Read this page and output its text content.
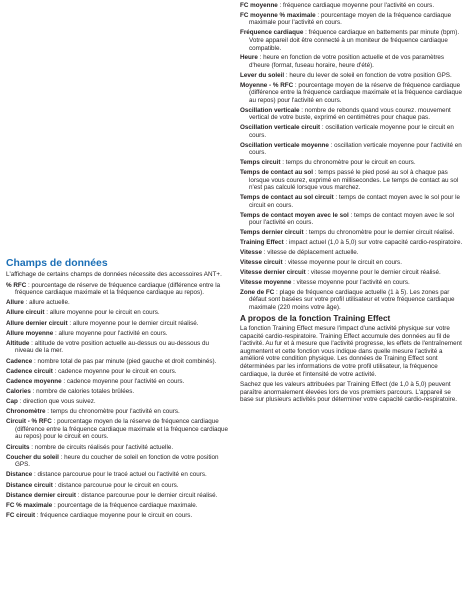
Champs de données

L'affichage de certains champs de données nécessite des accessoires ANT+.

% RFC : pourcentage de réserve de fréquence cardiaque (différence entre la fréquence cardiaque maximale et la fréquence cardiaque au repos).

Allure : allure actuelle.

Allure circuit : allure moyenne pour le circuit en cours.

Allure dernier circuit : allure moyenne pour le dernier circuit réalisé.

Allure moyenne : allure moyenne pour l'activité en cours.

Altitude : altitude de votre position actuelle au-dessus ou au-dessous du niveau de la mer.

Cadence : nombre total de pas par minute (pied gauche et droit combinés).

Cadence circuit : cadence moyenne pour le circuit en cours.

Cadence moyenne : cadence moyenne pour l'activité en cours.

Calories : nombre de calories totales brûlées.

Cap : direction que vous suivez.

Chronomètre : temps du chronomètre pour l'activité en cours.

Circuit - % RFC : pourcentage moyen de la réserve de fréquence cardiaque (différence entre la fréquence cardiaque maximale et la fréquence cardiaque au repos) pour le circuit en cours.

Circuits : nombre de circuits réalisés pour l'activité actuelle.

Coucher du soleil : heure du coucher de soleil en fonction de votre position GPS.

Distance : distance parcourue pour le tracé actuel ou l'activité en cours.

Distance circuit : distance parcourue pour le circuit en cours.

Distance dernier circuit : distance parcourue pour le dernier circuit réalisé.

FC % maximale : pourcentage de la fréquence cardiaque maximale.

FC circuit : fréquence cardiaque moyenne pour le circuit en cours.

FC moyenne : fréquence cardiaque moyenne pour l'activité en cours.

FC moyenne % maximale : pourcentage moyen de la fréquence cardiaque maximale pour l'activité en cours.

Fréquence cardiaque : fréquence cardiaque en battements par minute (bpm). Votre appareil doit être connecté à un moniteur de fréquence cardiaque compatible.

Heure : heure en fonction de votre position actuelle et de vos paramètres d'heure (format, fuseau horaire, heure d'été).

Lever du soleil : heure du lever de soleil en fonction de votre position GPS.

Moyenne - % RFC : pourcentage moyen de la réserve de fréquence cardiaque (différence entre la fréquence cardiaque maximale et la fréquence cardiaque au repos) pour l'activité en cours.

Oscillation verticale : nombre de rebonds quand vous courez. mouvement vertical de votre buste, exprimé en centimètres pour chaque pas.

Oscillation verticale circuit : oscillation verticale moyenne pour le circuit en cours.

Oscillation verticale moyenne : oscillation verticale moyenne pour l'activité en cours.

Temps circuit : temps du chronomètre pour le circuit en cours.

Temps de contact au sol : temps passé le pied posé au sol à chaque pas lorsque vous courez, exprimé en millisecondes. Le temps de contact au sol n'est pas calculé lorsque vous marchez.

Temps de contact au sol circuit : temps de contact moyen avec le sol pour le circuit en cours.

Temps de contact moyen avec le sol : temps de contact moyen avec le sol pour l'activité en cours.

Temps dernier circuit : temps du chronomètre pour le dernier circuit réalisé.

Training Effect : impact actuel (1,0 à 5,0) sur votre capacité cardio-respiratoire.

Vitesse : vitesse de déplacement actuelle.

Vitesse circuit : vitesse moyenne pour le circuit en cours.

Vitesse dernier circuit : vitesse moyenne pour le dernier circuit réalisé.

Vitesse moyenne : vitesse moyenne pour l'activité en cours.

Zone de FC : plage de fréquence cardiaque actuelle (1 à 5). Les zones par défaut sont basées sur votre profil utilisateur et votre fréquence cardiaque maximale (220 moins votre âge).

A propos de la fonction Training Effect

La fonction Training Effect mesure l'impact d'une activité physique sur votre capacité cardio-respiratoire. Training Effect accumule des données au fil de l'activité. Au fur et à mesure que l'activité progresse, les effets de l'entraînement augmentent et cette fonction vous indique dans quelle mesure l'activité a amélioré votre condition physique. Les données de Training Effect sont déterminées par les informations de votre profil utilisateur, la fréquence cardiaque, la durée et l'intensité de votre activité.

Sachez que les valeurs attribuées par Training Effect (de 1,0 à 5,0) peuvent paraître anormalement élevées lors de vos premiers parcours. L'appareil se base sur plusieurs activités pour déterminer votre capacité cardio-respiratoire.
